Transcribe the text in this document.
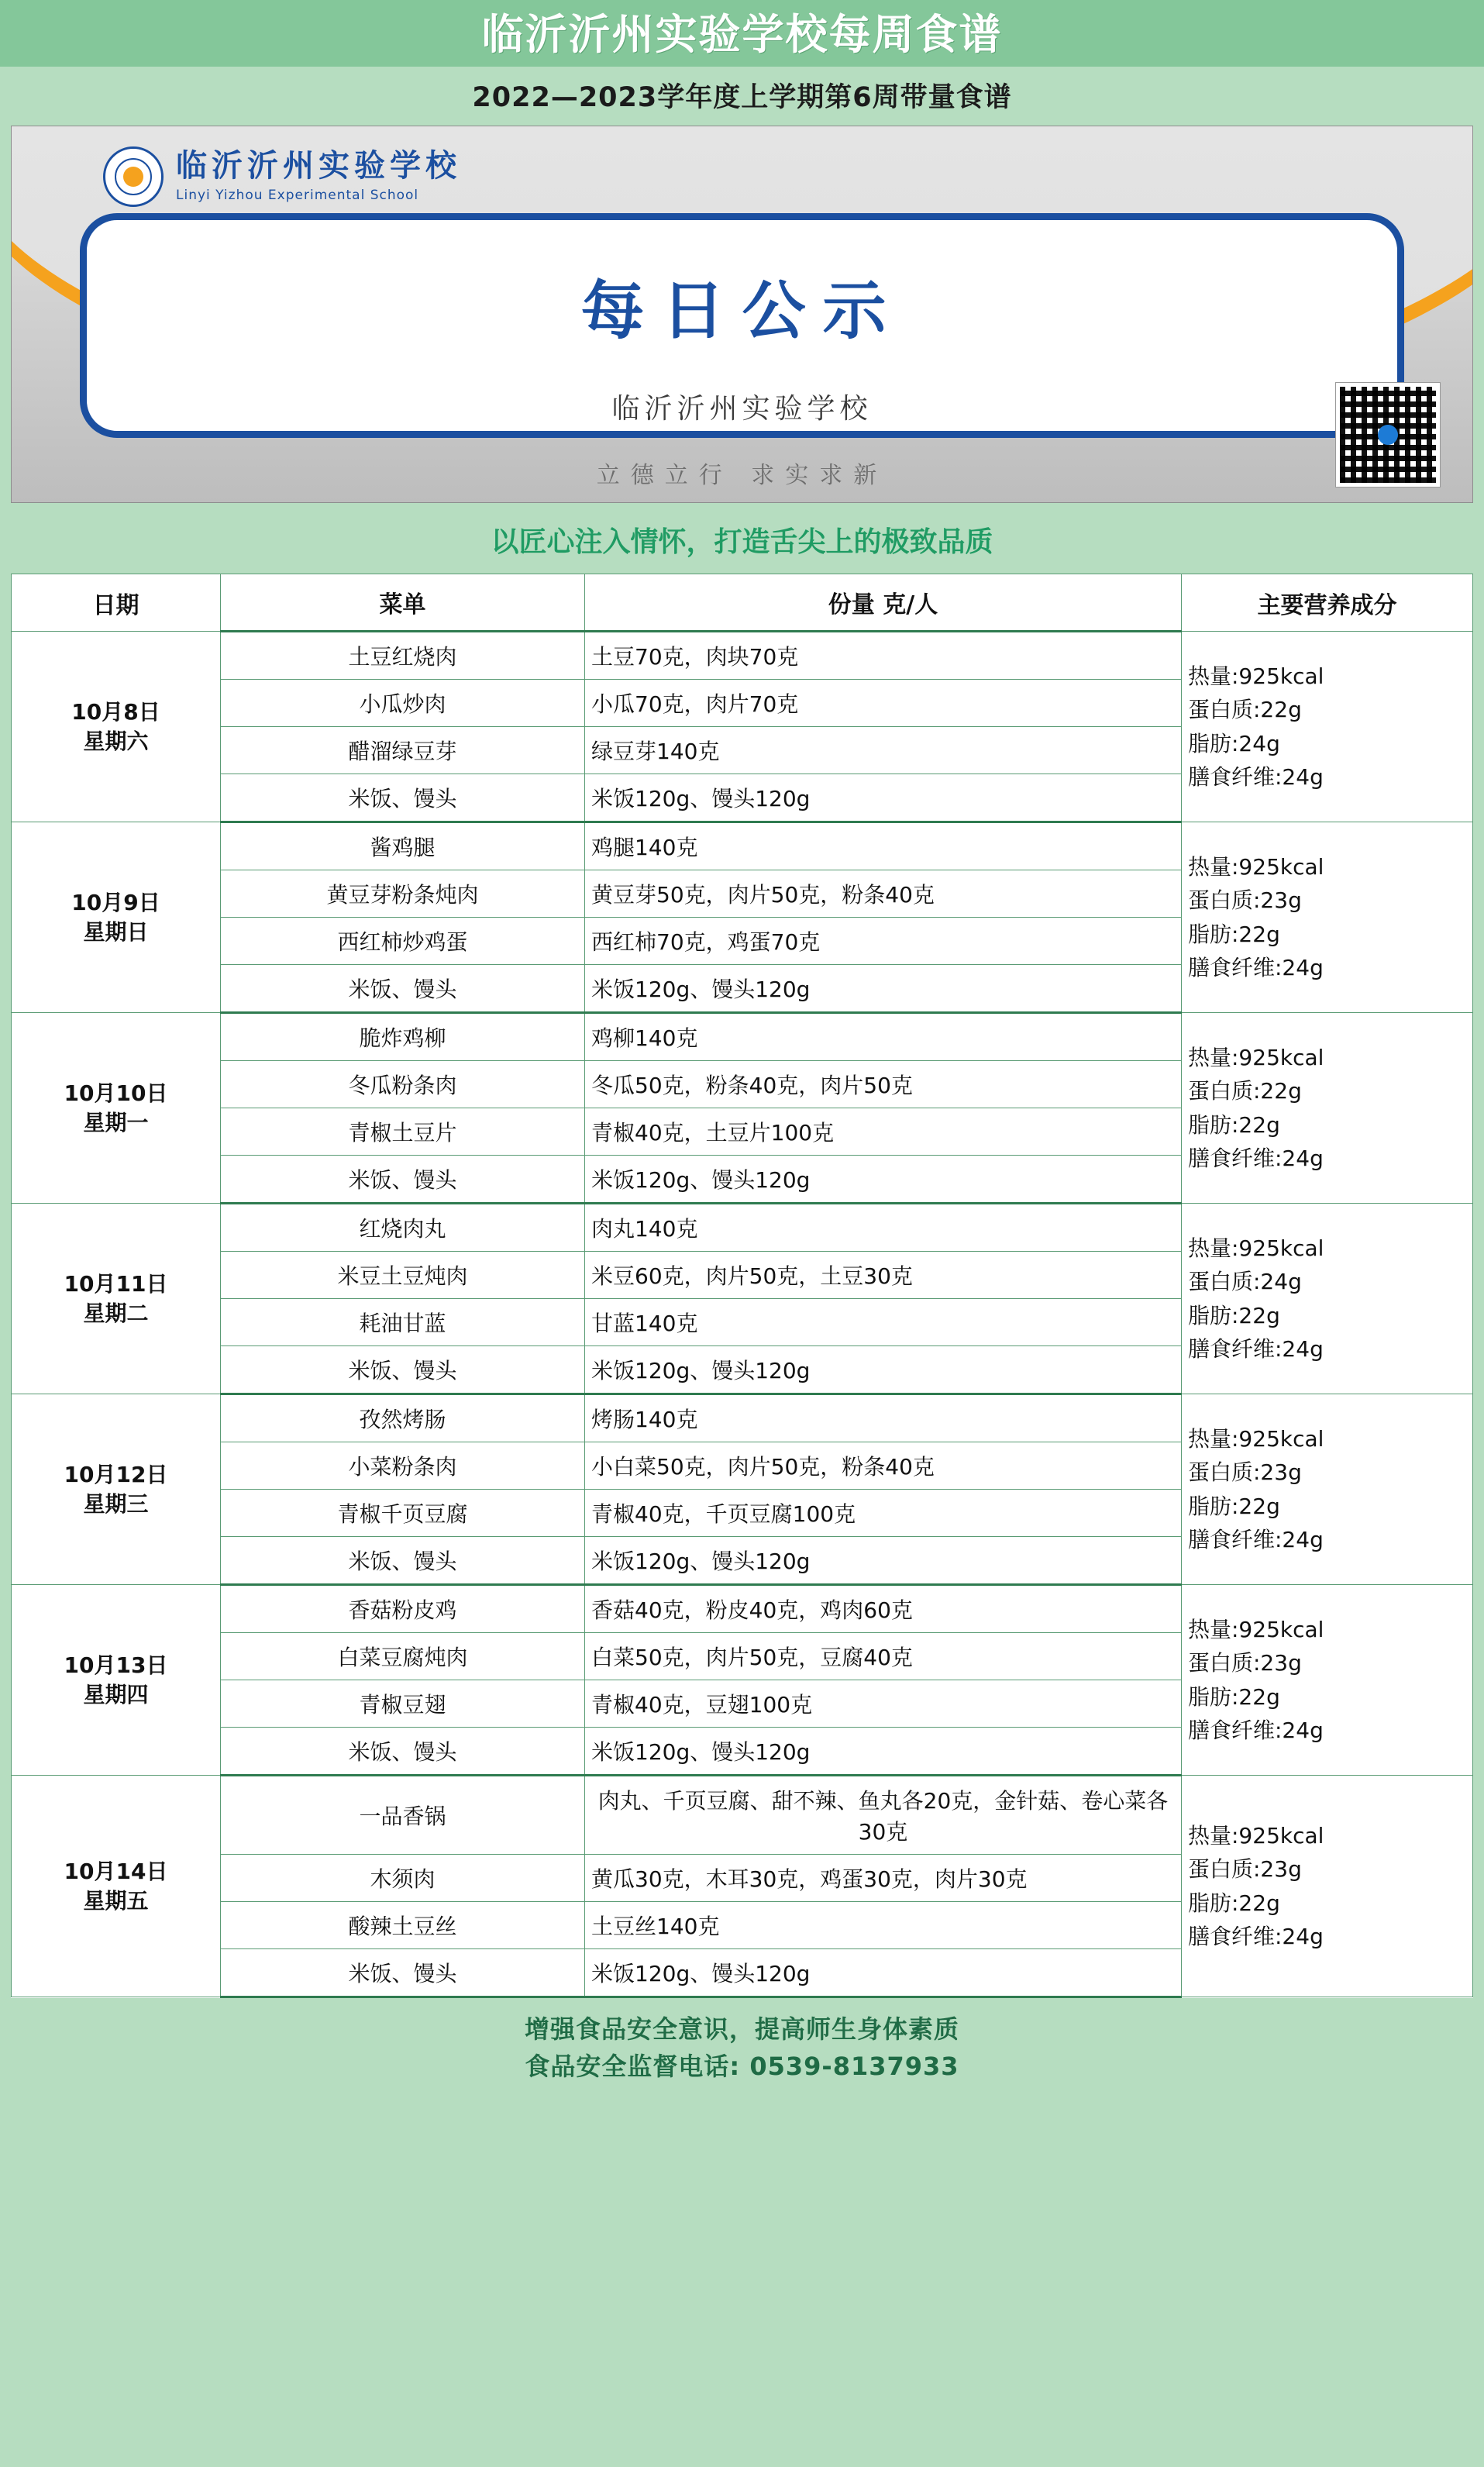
临沂沂州实验学校每周食谱
2022—2023学年度上学期第6周带量食谱
临沂沂州实验学校
Linyi Yizhou Experimental School
每日公示
临沂沂州实验学校
立德立行 求实求新
以匠心注入情怀，打造舌尖上的极致品质
日期	菜单	份量 克/人	主要营养成分

10月8日
星期六
	土豆红烧肉	土豆70克，肉块70克	
热量:925kcal
蛋白质:22g
脂肪:24g
膳食纤维:24g

	小瓜炒肉	小瓜70克，肉片70克	
	醋溜绿豆芽	绿豆芽140克	
	米饭、馒头	米饭120g、馒头120g	

10月9日
星期日
	酱鸡腿	鸡腿140克	
热量:925kcal
蛋白质:23g
脂肪:22g
膳食纤维:24g

	黄豆芽粉条炖肉	黄豆芽50克，肉片50克，粉条40克	
	西红柿炒鸡蛋	西红柿70克，鸡蛋70克	
	米饭、馒头	米饭120g、馒头120g	

10月10日
星期一
	脆炸鸡柳	鸡柳140克	
热量:925kcal
蛋白质:22g
脂肪:22g
膳食纤维:24g

	冬瓜粉条肉	冬瓜50克，粉条40克，肉片50克	
	青椒土豆片	青椒40克，土豆片100克	
	米饭、馒头	米饭120g、馒头120g	

10月11日
星期二
	红烧肉丸	肉丸140克	
热量:925kcal
蛋白质:24g
脂肪:22g
膳食纤维:24g

	米豆土豆炖肉	米豆60克，肉片50克，土豆30克	
	耗油甘蓝	甘蓝140克	
	米饭、馒头	米饭120g、馒头120g	

10月12日
星期三
	孜然烤肠	烤肠140克	
热量:925kcal
蛋白质:23g
脂肪:22g
膳食纤维:24g

	小菜粉条肉	小白菜50克，肉片50克，粉条40克	
	青椒千页豆腐	青椒40克，千页豆腐100克	
	米饭、馒头	米饭120g、馒头120g	

10月13日
星期四
	香菇粉皮鸡	香菇40克，粉皮40克，鸡肉60克	
热量:925kcal
蛋白质:23g
脂肪:22g
膳食纤维:24g

	白菜豆腐炖肉	白菜50克，肉片50克，豆腐40克	
	青椒豆翅	青椒40克，豆翅100克	
	米饭、馒头	米饭120g、馒头120g	

10月14日
星期五
	一品香锅	肉丸、千页豆腐、甜不辣、鱼丸各20克，金针菇、卷心菜各30克	热量:925kcal
蛋白质:23g
脂肪:22g
膳食纤维:24g

	木须肉	黄瓜30克，木耳30克，鸡蛋30克，肉片30克	
	酸辣土豆丝	土豆丝140克	
	米饭、馒头	米饭120g、馒头120g	
增强食品安全意识，提高师生身体素质
食品安全监督电话: 0539-8137933
